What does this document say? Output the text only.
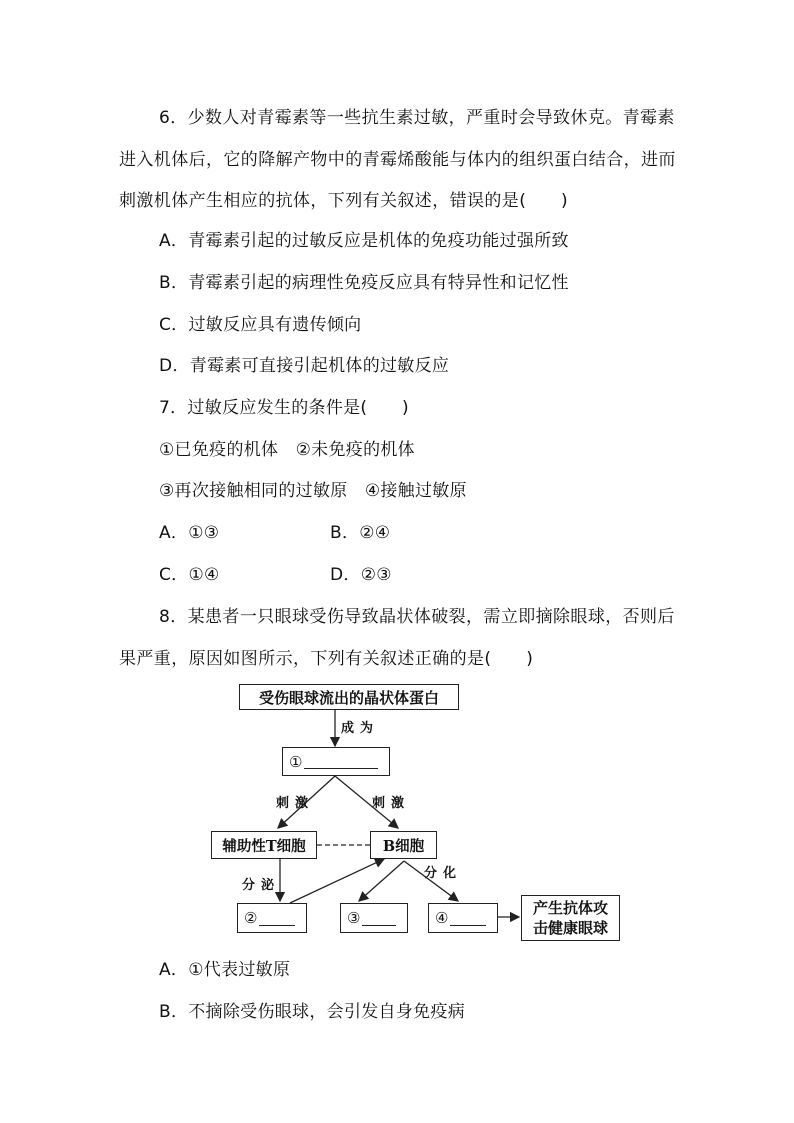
6．少数人对青霉素等一些抗生素过敏，严重时会导致休克。青霉素进入机体后，它的降解产物中的青霉烯酸能与体内的组织蛋白结合，进而刺激机体产生相应的抗体，下列有关叙述，错误的是(　　)
A．青霉素引起的过敏反应是机体的免疫功能过强所致
B．青霉素引起的病理性免疫反应具有特异性和记忆性
C．过敏反应具有遗传倾向
D．青霉素可直接引起机体的过敏反应
7．过敏反应发生的条件是(　　)
①已免疫的机体　②未免疫的机体
③再次接触相同的过敏原　④接触过敏原
A．①③	B．②④
C．①④	D．②③
8．某患者一只眼球受伤导致晶状体破裂，需立即摘除眼球，否则后果严重，原因如图所示，下列有关叙述正确的是(　　)
受伤眼球流出的晶状体蛋白
成为
①
刺激	刺激
辅助性T细胞	B细胞
分泌
分化
②	③	④
产生抗体攻
击健康眼球
A．①代表过敏原
B．不摘除受伤眼球，会引发自身免疫病
